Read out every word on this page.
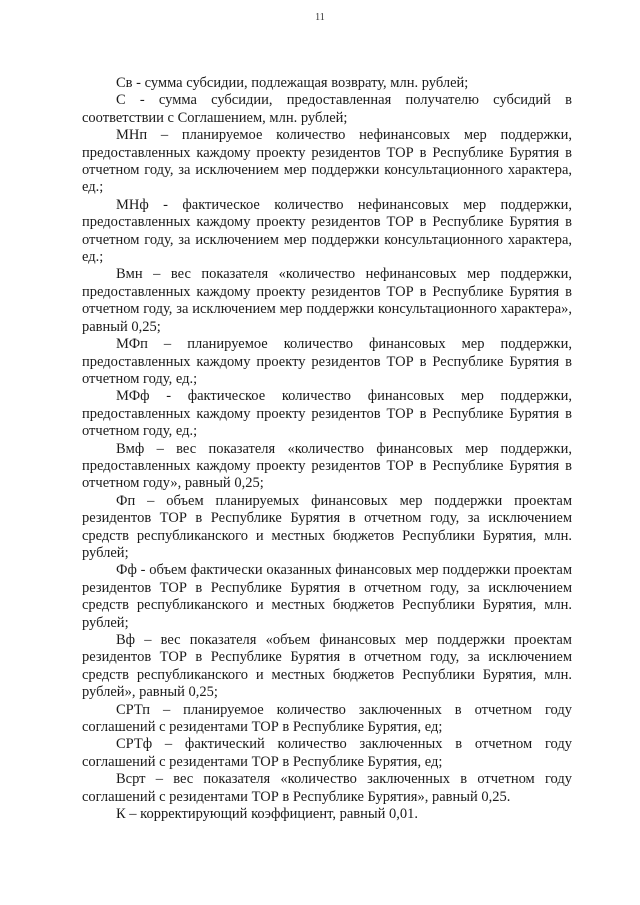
11

Св - сумма субсидии, подлежащая возврату, млн. рублей;

С - сумма субсидии, предоставленная получателю субсидий в соответствии с Соглашением, млн. рублей;

МНп – планируемое количество нефинансовых мер поддержки, предоставленных каждому проекту резидентов ТОР в Республике Бурятия в отчетном году, за исключением мер поддержки консультационного характера, ед.;

МНф - фактическое количество нефинансовых мер поддержки, предоставленных каждому проекту резидентов ТОР в Республике Бурятия в отчетном году, за исключением мер поддержки консультационного характера, ед.;

Вмн – вес показателя «количество нефинансовых мер поддержки, предоставленных каждому проекту резидентов ТОР в Республике Бурятия в отчетном году, за исключением мер поддержки консультационного характера», равный 0,25;

МФп – планируемое количество финансовых мер поддержки, предоставленных каждому проекту резидентов ТОР в Республике Бурятия в отчетном году, ед.;

МФф - фактическое количество финансовых мер поддержки, предоставленных каждому проекту резидентов ТОР в Республике Бурятия в отчетном году, ед.;

Вмф – вес показателя «количество финансовых мер поддержки, предоставленных каждому проекту резидентов ТОР в Республике Бурятия в отчетном году», равный 0,25;

Фп – объем планируемых финансовых мер поддержки проектам резидентов ТОР в Республике Бурятия в отчетном году, за исключением средств республиканского и местных бюджетов Республики Бурятия, млн. рублей;

Фф - объем фактически оказанных финансовых мер поддержки проектам резидентов ТОР в Республике Бурятия в отчетном году, за исключением средств республиканского и местных бюджетов Республики Бурятия, млн. рублей;

Вф – вес показателя «объем финансовых мер поддержки проектам резидентов ТОР в Республике Бурятия в отчетном году, за исключением средств республиканского и местных бюджетов Республики Бурятия, млн. рублей», равный 0,25;

СРТп – планируемое количество заключенных в отчетном году соглашений с резидентами ТОР в Республике Бурятия, ед;

СРТф – фактический количество заключенных в отчетном году соглашений с резидентами ТОР в Республике Бурятия, ед;

Вcрт – вес показателя «количество заключенных в отчетном году соглашений с резидентами ТОР в Республике Бурятия», равный 0,25.

К – корректирующий коэффициент, равный 0,01.
